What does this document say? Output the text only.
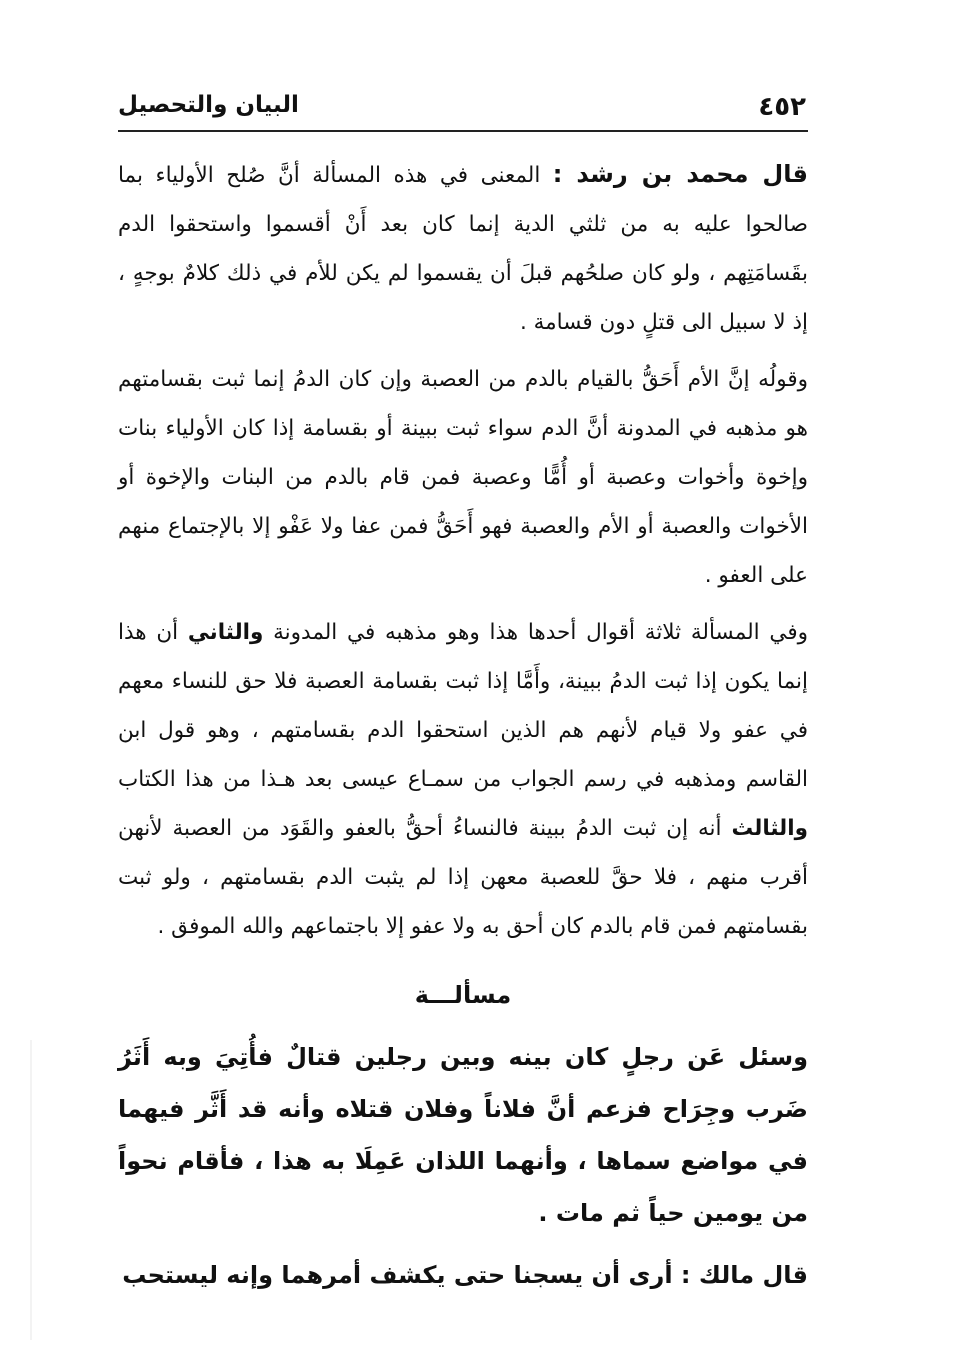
٤٥٢
البيان والتحصيل

قال محمد بن رشد : المعنى في هذه المسألة أنَّ صُلح الأولياء بما صالحوا عليه به من ثلثي الدية إنما كان بعد أَنْ أقسموا واستحقوا الدم بقَسامَتِهم ، ولو كان صلحُهم قبلَ أن يقسموا لم يكن للأم في ذلك كلامٌ بوجهٍ ، إذ لا سبيل الى قتلٍ دون قسامة .

وقولُه إنَّ الأم أَحَقُّ بالقيام بالدم من العصبة وإن كان الدمُ إنما ثبت بقسامتهم هو مذهبه في المدونة أنَّ الدم سواء ثبت ببينة أو بقسامة إذا كان الأولياء بنات وإخوة وأخوات وعصبة أو أُمًّا وعصبة فمن قام بالدم من البنات والإخوة أو الأخوات والعصبة أو الأم والعصبة فهو أَحَقُّ فمن عفا ولا عَفْو إلا بالإجتماع منهم على العفو .

وفي المسألة ثلاثة أقوال أحدها هذا وهو مذهبه في المدونة والثاني أن هذا إنما يكون إذا ثبت الدمُ ببينة، وأَمَّا إذا ثبت بقسامة العصبة فلا حق للنساء معهم في عفو ولا قيام لأنهم هم الذين استحقوا الدم بقسامتهم ، وهو قول ابن القاسم ومذهبه في رسم الجواب من سمـاع عيسى بعد هـذا من هذا الكتاب والثالث أنه إن ثبت الدمُ ببينة فالنساءُ أحقُّ بالعفو والقَوَد من العصبة لأنهن أقرب منهم ، فلا حقَّ للعصبة معهن إذا لم يثبت الدم بقسامتهم ، ولو ثبت بقسامتهم فمن قام بالدم كان أحق به ولا عفو إلا باجتماعهم والله الموفق .

مسألـــة

وسئل عَن رجلٍ كان بينه وبين رجلين قتالٌ فأُتِيَ وبه أَثَرُ ضَرب وجِرَاح فزعم أنَّ فلاناً وفلان قتلاه وأنه قد أَثَّر فيهما في مواضع سماها ، وأنهما اللذان عَمِلَا به هذا ، فأقام نحواً من يومين حياً ثم مات .

قال مالك : أرى أن يسجنا حتى يكشف أمرهما وإنه ليستحب
